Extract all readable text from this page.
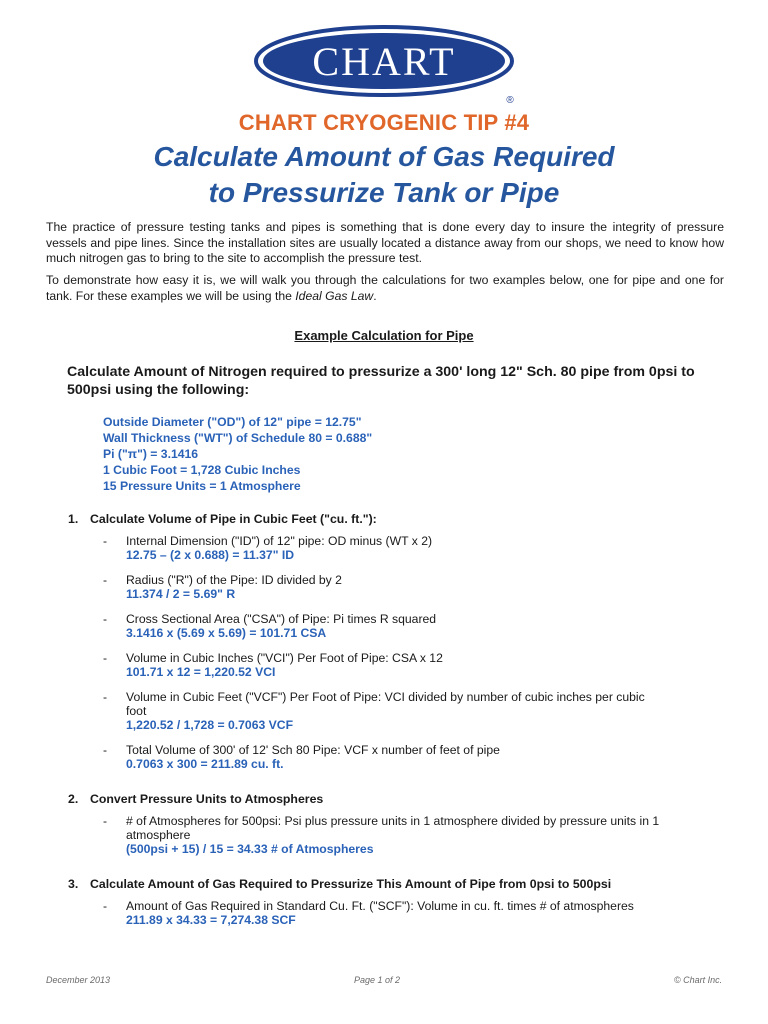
CHART
®
CHART CRYOGENIC TIP #4
Calculate Amount of Gas Required
to Pressurize Tank or Pipe

The practice of pressure testing tanks and pipes is something that is done every day to insure the integrity of pressure vessels and pipe lines. Since the installation sites are usually located a distance away from our shops, we need to know how much nitrogen gas to bring to the site to accomplish the pressure test.

To demonstrate how easy it is, we will walk you through the calculations for two examples below, one for pipe and one for tank. For these examples we will be using the Ideal Gas Law.

Example Calculation for Pipe

Calculate Amount of Nitrogen required to pressurize a 300' long 12" Sch. 80 pipe from 0psi to 500psi using the following:

Outside Diameter ("OD") of 12" pipe = 12.75"
Wall Thickness ("WT") of Schedule 80 = 0.688"
Pi ("π") = 3.1416
1 Cubic Foot = 1,728 Cubic Inches
15 Pressure Units = 1 Atmosphere
1. Calculate Volume of Pipe in Cubic Feet ("cu. ft."):
- Internal Dimension ("ID") of 12" pipe: OD minus (WT x 2)
12.75 – (2 x 0.688) = 11.37" ID
- Radius ("R") of the Pipe: ID divided by 2
11.374 / 2 = 5.69" R
- Cross Sectional Area ("CSA") of Pipe: Pi times R squared
3.1416 x (5.69 x 5.69) = 101.71 CSA
- Volume in Cubic Inches ("VCI") Per Foot of Pipe: CSA x 12
101.71 x 12 = 1,220.52 VCI
- Volume in Cubic Feet ("VCF") Per Foot of Pipe: VCI divided by number of cubic inches per cubic foot
1,220.52 / 1,728 = 0.7063 VCF
- Total Volume of 300' of 12' Sch 80 Pipe: VCF x number of feet of pipe
0.7063 x 300 = 211.89 cu. ft.
2. Convert Pressure Units to Atmospheres
- # of Atmospheres for 500psi: Psi plus pressure units in 1 atmosphere divided by pressure units in 1 atmosphere
(500psi + 15) / 15 = 34.33 # of Atmospheres
3. Calculate Amount of Gas Required to Pressurize This Amount of Pipe from 0psi to 500psi
- Amount of Gas Required in Standard Cu. Ft. ("SCF"): Volume in cu. ft. times # of atmospheres
211.89 x 34.33 = 7,274.38 SCF
December 2013	Page 1 of 2	© Chart Inc.
